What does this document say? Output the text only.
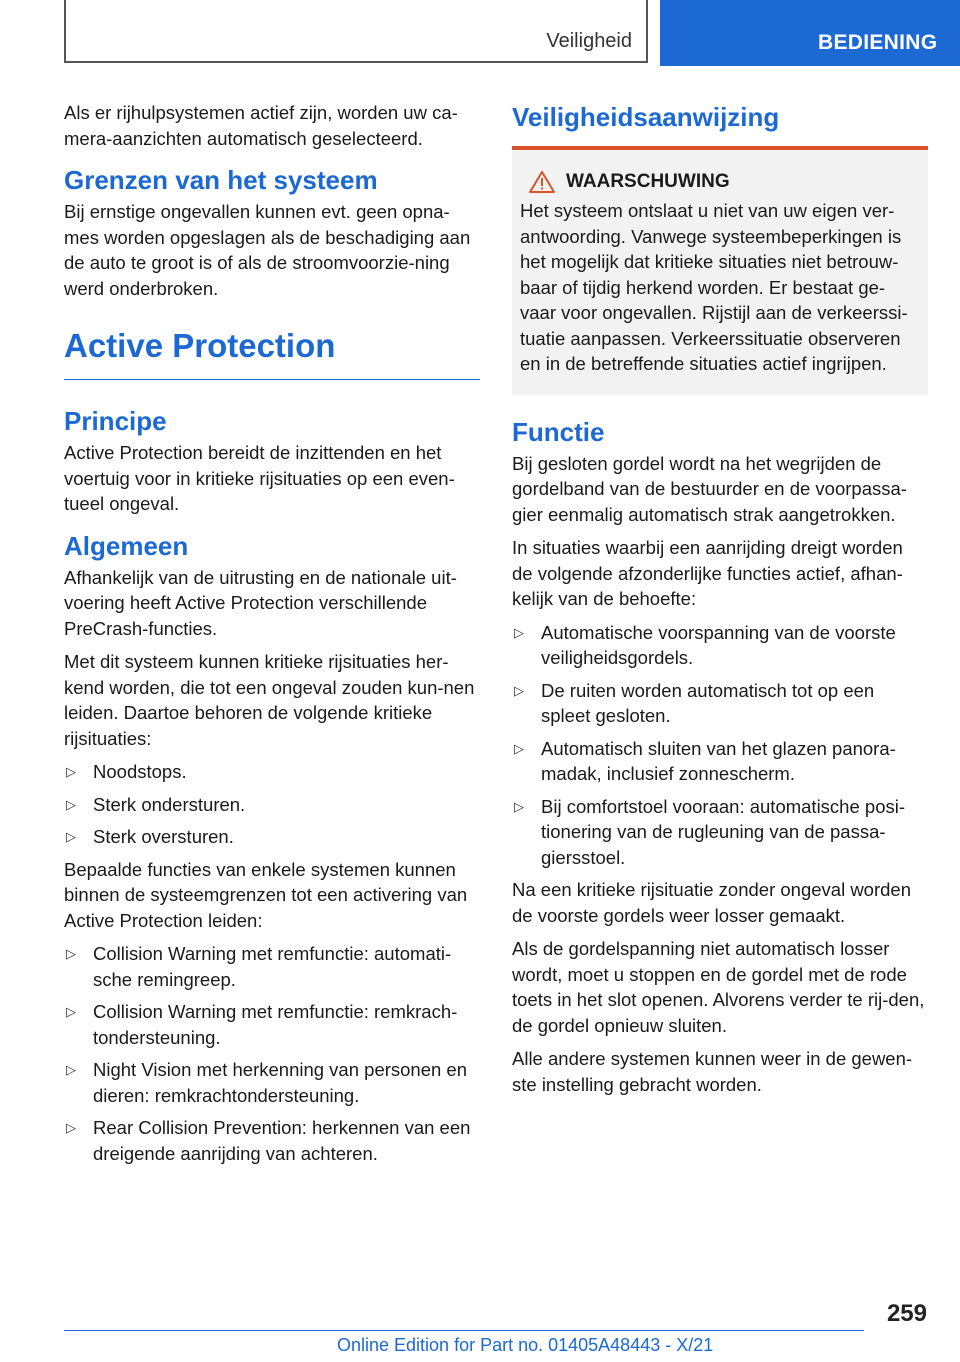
Veiligheid	BEDIENING

Als er rijhulpsystemen actief zijn, worden uw ca-mera-aanzichten automatisch geselecteerd.

Grenzen van het systeem

Bij ernstige ongevallen kunnen evt. geen opna-mes worden opgeslagen als de beschadiging aan de auto te groot is of als de stroomvoorzie-ning werd onderbroken.

Active Protection
Principe

Active Protection bereidt de inzittenden en het voertuig voor in kritieke rijsituaties op een even-tueel ongeval.

Algemeen

Afhankelijk van de uitrusting en de nationale uit-voering heeft Active Protection verschillende PreCrash-functies.

Met dit systeem kunnen kritieke rijsituaties her-kend worden, die tot een ongeval zouden kun-nen leiden. Daartoe behoren de volgende kritieke rijsituaties:

▷ Noodstops.
▷ Sterk ondersturen.
▷ Sterk oversturen.

Bepaalde functies van enkele systemen kunnen binnen de systeemgrenzen tot een activering van Active Protection leiden:

▷ Collision Warning met remfunctie: automati-sche remingreep.
▷ Collision Warning met remfunctie: remkrach-tondersteuning.
▷ Night Vision met herkenning van personen en dieren: remkrachtondersteuning.
▷ Rear Collision Prevention: herkennen van een dreigende aanrijding van achteren.
Veiligheidsaanwijzing
WAARSCHUWING

Het systeem ontslaat u niet van uw eigen ver-antwoording. Vanwege systeembeperkingen is het mogelijk dat kritieke situaties niet betrouw-baar of tijdig herkend worden. Er bestaat ge-vaar voor ongevallen. Rijstijl aan de verkeerssi-tuatie aanpassen. Verkeerssituatie observeren en in de betreffende situaties actief ingrijpen.

Functie

Bij gesloten gordel wordt na het wegrijden de gordelband van de bestuurder en de voorpassa-gier eenmalig automatisch strak aangetrokken.

In situaties waarbij een aanrijding dreigt worden de volgende afzonderlijke functies actief, afhan-kelijk van de behoefte:

▷ Automatische voorspanning van de voorste veiligheidsgordels.
▷ De ruiten worden automatisch tot op een spleet gesloten.
▷ Automatisch sluiten van het glazen panora-madak, inclusief zonnescherm.
▷ Bij comfortstoel vooraan: automatische posi-tionering van de rugleuning van de passa-giersstoel.

Na een kritieke rijsituatie zonder ongeval worden de voorste gordels weer losser gemaakt.

Als de gordelspanning niet automatisch losser wordt, moet u stoppen en de gordel met de rode toets in het slot openen. Alvorens verder te rij-den, de gordel opnieuw sluiten.

Alle andere systemen kunnen weer in de gewen-ste instelling gebracht worden.

259
Online Edition for Part no. 01405A48443 - X/21
